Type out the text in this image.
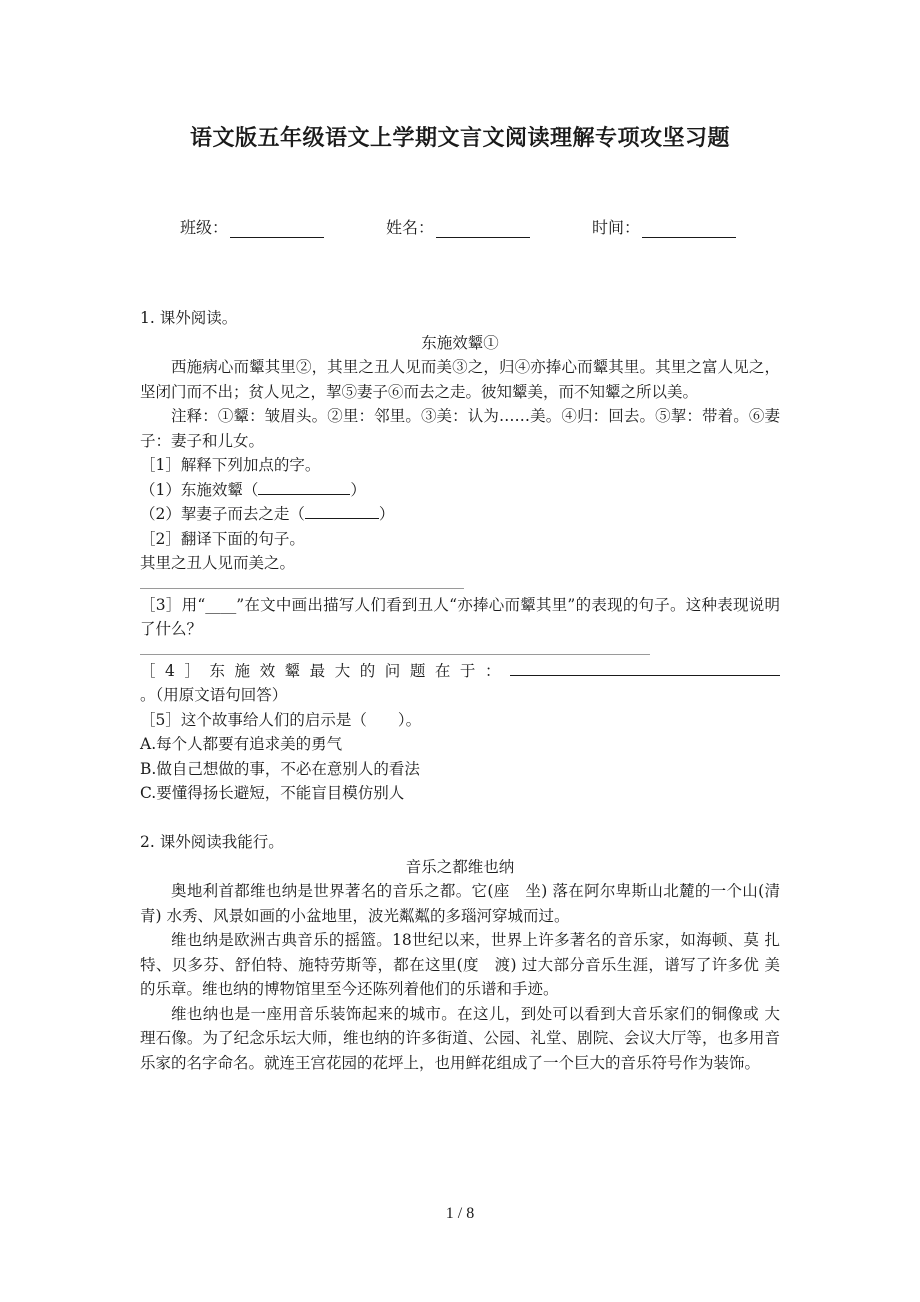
语文版五年级语文上学期文言文阅读理解专项攻坚习题
班级：	姓名：	时间：
1. 课外阅读。
东施效颦①
西施病心而颦其里②，其里之丑人见而美③之，归④亦捧心而颦其里。其里之富人见之，坚闭门而不出；贫人见之，挈⑤妻子⑥而去之走。彼知颦美，而不知颦之所以美。
注释：①颦：皱眉头。②里：邻里。③美：认为……美。④归：回去。⑤挈：带着。⑥妻子：妻子和儿女。
［1］解释下列加点的字。
（1）东施效颦（	）
（2）挈妻子而去之走（	）
［2］翻译下面的句子。
其里之丑人见而美之。
［3］用“____”在文中画出描写人们看到丑人“亦捧心而颦其里”的表现的句子。这种表现说明了什么？
［4］东施效颦最大的问题在于：。（用原文语句回答）
［5］这个故事给人们的启示是（　　）。
A.每个人都要有追求美的勇气
B.做自己想做的事，不必在意别人的看法
C.要懂得扬长避短，不能盲目模仿别人
2. 课外阅读我能行。
音乐之都维也纳
奥地利首都维也纳是世界著名的音乐之都。它(座　坐) 落在阿尔卑斯山北麓的一个山(清　青) 水秀、风景如画的小盆地里，波光粼粼的多瑙河穿城而过。
维也纳是欧洲古典音乐的摇篮。18世纪以来，世界上许多著名的音乐家，如海顿、莫 扎特、贝多芬、舒伯特、施特劳斯等，都在这里(度　渡) 过大部分音乐生涯，谱写了许多优 美的乐章。维也纳的博物馆里至今还陈列着他们的乐谱和手迹。
维也纳也是一座用音乐装饰起来的城市。在这儿，到处可以看到大音乐家们的铜像或 大理石像。为了纪念乐坛大师，维也纳的许多街道、公园、礼堂、剧院、会议大厅等，也多用音 乐家的名字命名。就连王宫花园的花坪上，也用鲜花组成了一个巨大的音乐符号作为装饰。
1 / 8
